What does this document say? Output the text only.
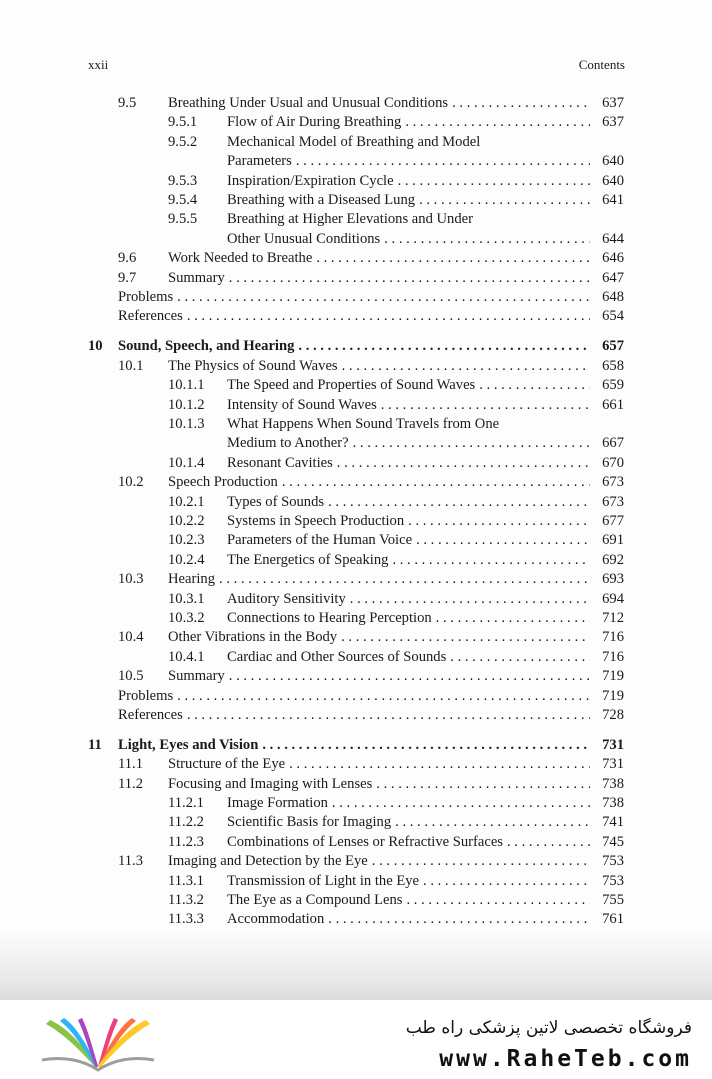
xxii	Contents
9.5 Breathing Under Usual and Unusual Conditions . . .	637
9.5.1 Flow of Air During Breathing . . .	637
9.5.2 Mechanical Model of Breathing and Model
Parameters . . .	640
9.5.3 Inspiration/Expiration Cycle . . .	640
9.5.4 Breathing with a Diseased Lung . . .	641
9.5.5 Breathing at Higher Elevations and Under
Other Unusual Conditions . . .	644
9.6 Work Needed to Breathe . . .	646
9.7 Summary . . .	647
Problems . . .	648
References . . .	654
10 Sound, Speech, and Hearing . . .	657
10.1 The Physics of Sound Waves . . .	658
10.1.1 The Speed and Properties of Sound Waves . . .	659
10.1.2 Intensity of Sound Waves . . .	661
10.1.3 What Happens When Sound Travels from One
Medium to Another? . . .	667
10.1.4 Resonant Cavities . . .	670
10.2 Speech Production . . .	673
10.2.1 Types of Sounds . . .	673
10.2.2 Systems in Speech Production . . .	677
10.2.3 Parameters of the Human Voice . . .	691
10.2.4 The Energetics of Speaking . . .	692
10.3 Hearing . . .	693
10.3.1 Auditory Sensitivity . . .	694
10.3.2 Connections to Hearing Perception . . .	712
10.4 Other Vibrations in the Body . . .	716
10.4.1 Cardiac and Other Sources of Sounds . . .	716
10.5 Summary . . .	719
Problems . . .	719
References . . .	728
11 Light, Eyes and Vision . . .	731
11.1 Structure of the Eye . . .	731
11.2 Focusing and Imaging with Lenses . . .	738
11.2.1 Image Formation . . .	738
11.2.2 Scientific Basis for Imaging . . .	741
11.2.3 Combinations of Lenses or Refractive Surfaces . . .	745
11.3 Imaging and Detection by the Eye . . .	753
11.3.1 Transmission of Light in the Eye . . .	753
11.3.2 The Eye as a Compound Lens . . .	755
11.3.3 Accommodation . . .	761
فروشگاه تخصصی لاتین پزشکی راه طب
www.RaheTeb.com
